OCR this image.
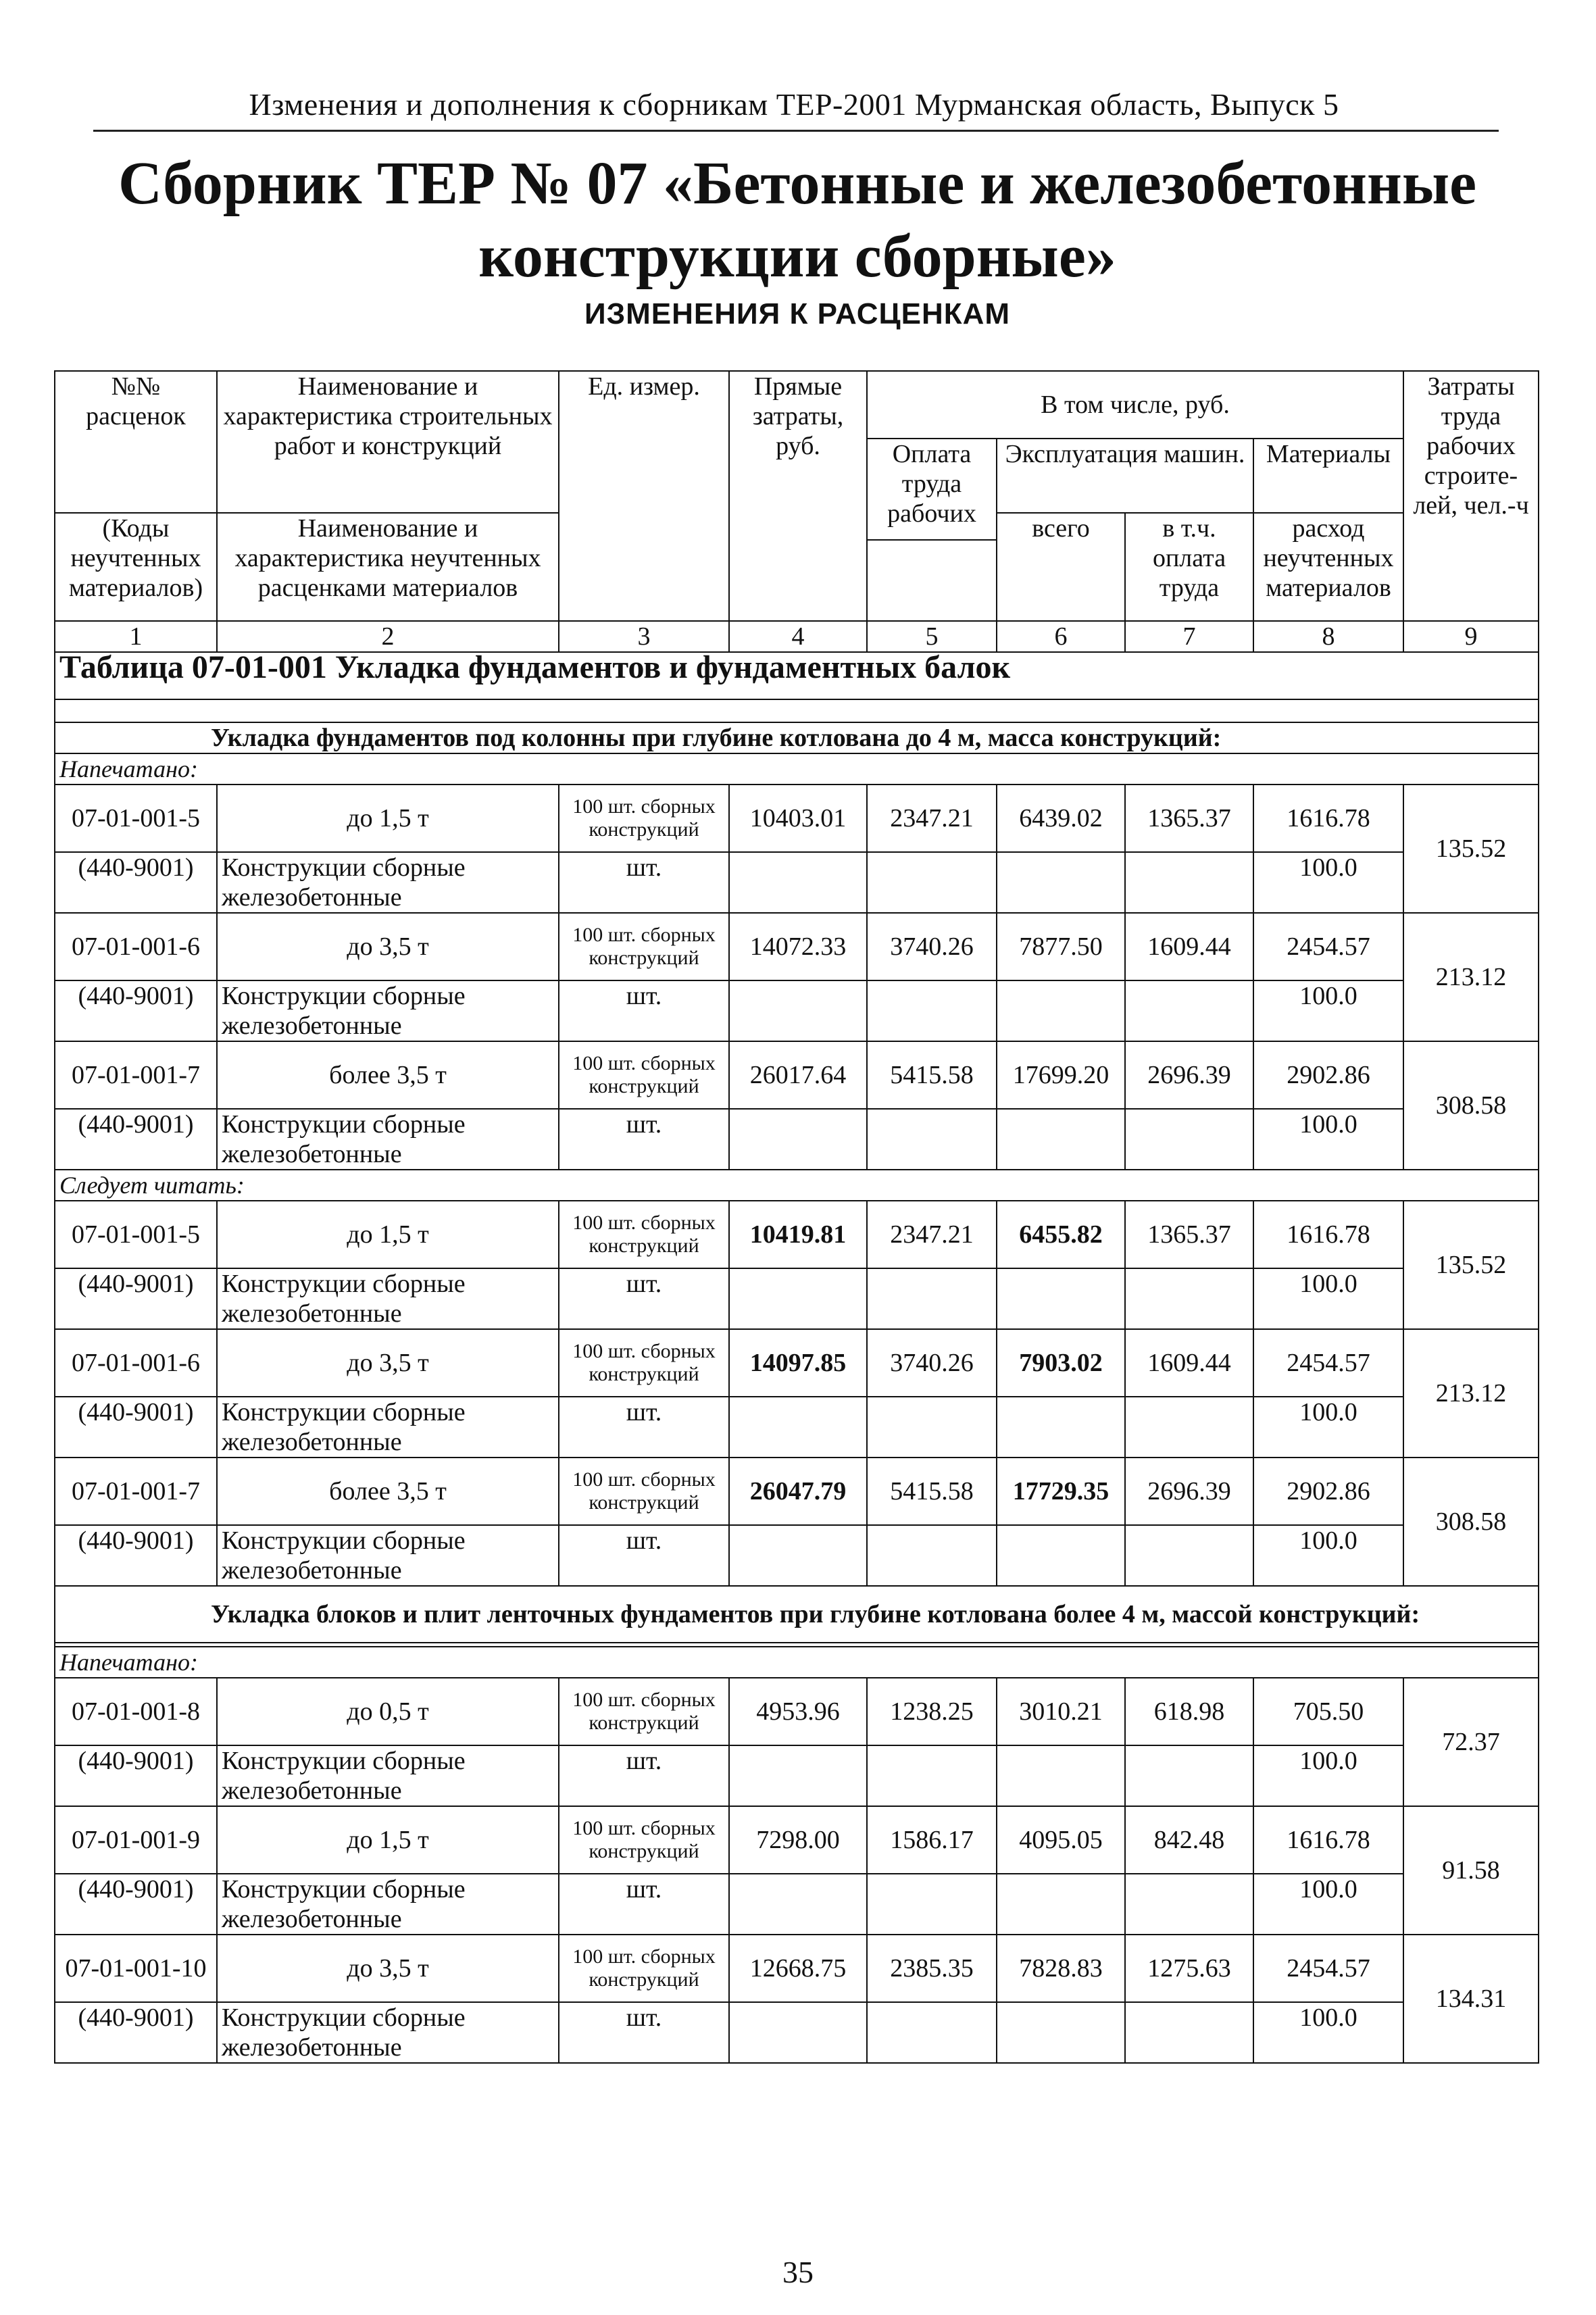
Изменения и дополнения к сборникам ТЕР-2001 Мурманская область, Выпуск 5
Сборник ТЕР № 07 «Бетонные и железобетонные
конструкции сборные»
ИЗМЕНЕНИЯ К РАСЦЕНКАМ
№№ расценок	Наименование и характеристика строительных работ и конструкций	Ед. измер.	Прямые затраты, руб.	В том числе, руб.				Затраты труда рабочих строите-лей, чел.-ч
				Оплата труда рабочих	Эксплуатация машин.		Материалы	
(Коды неучтенных материалов)	Наименование и характеристика неучтенных расценками материалов				всего	в т.ч. оплата труда	расход неучтенных материалов	

1	2	3	4	5	6	7	8	9
Таблица 07-01-001 Укладка фундаментов и фундаментных балок								

Укладка фундаментов под колонны при глубине котлована до 4 м, масса конструкций:								
Напечатано:								
07-01-001-5	до 1,5 т	100 шт. сборных конструкций	10403.01	2347.21	6439.02	1365.37	1616.78	135.52
(440-9001)	Конструкции сборные железобетонные	шт.					100.0	
07-01-001-6	до 3,5 т	100 шт. сборных конструкций	14072.33	3740.26	7877.50	1609.44	2454.57	213.12
(440-9001)	Конструкции сборные железобетонные	шт.					100.0	
07-01-001-7	более 3,5 т	100 шт. сборных конструкций	26017.64	5415.58	17699.20	2696.39	2902.86	308.58
(440-9001)	Конструкции сборные железобетонные	шт.					100.0	
Следует читать:								
07-01-001-5	до 1,5 т	100 шт. сборных конструкций	10419.81	2347.21	6455.82	1365.37	1616.78	135.52
(440-9001)	Конструкции сборные железобетонные	шт.					100.0	
07-01-001-6	до 3,5 т	100 шт. сборных конструкций	14097.85	3740.26	7903.02	1609.44	2454.57	213.12
(440-9001)	Конструкции сборные железобетонные	шт.					100.0	
07-01-001-7	более 3,5 т	100 шт. сборных конструкций	26047.79	5415.58	17729.35	2696.39	2902.86	308.58
(440-9001)	Конструкции сборные железобетонные	шт.					100.0	
Укладка блоков и плит ленточных фундаментов при глубине котлована более 4 м, массой конструкций:								

Напечатано:								
07-01-001-8	до 0,5 т	100 шт. сборных конструкций	4953.96	1238.25	3010.21	618.98	705.50	72.37
(440-9001)	Конструкции сборные железобетонные	шт.					100.0	
07-01-001-9	до 1,5 т	100 шт. сборных конструкций	7298.00	1586.17	4095.05	842.48	1616.78	91.58
(440-9001)	Конструкции сборные железобетонные	шт.					100.0	
07-01-001-10	до 3,5 т	100 шт. сборных конструкций	12668.75	2385.35	7828.83	1275.63	2454.57	134.31
(440-9001)	Конструкции сборные железобетонные	шт.					100.0	
35
